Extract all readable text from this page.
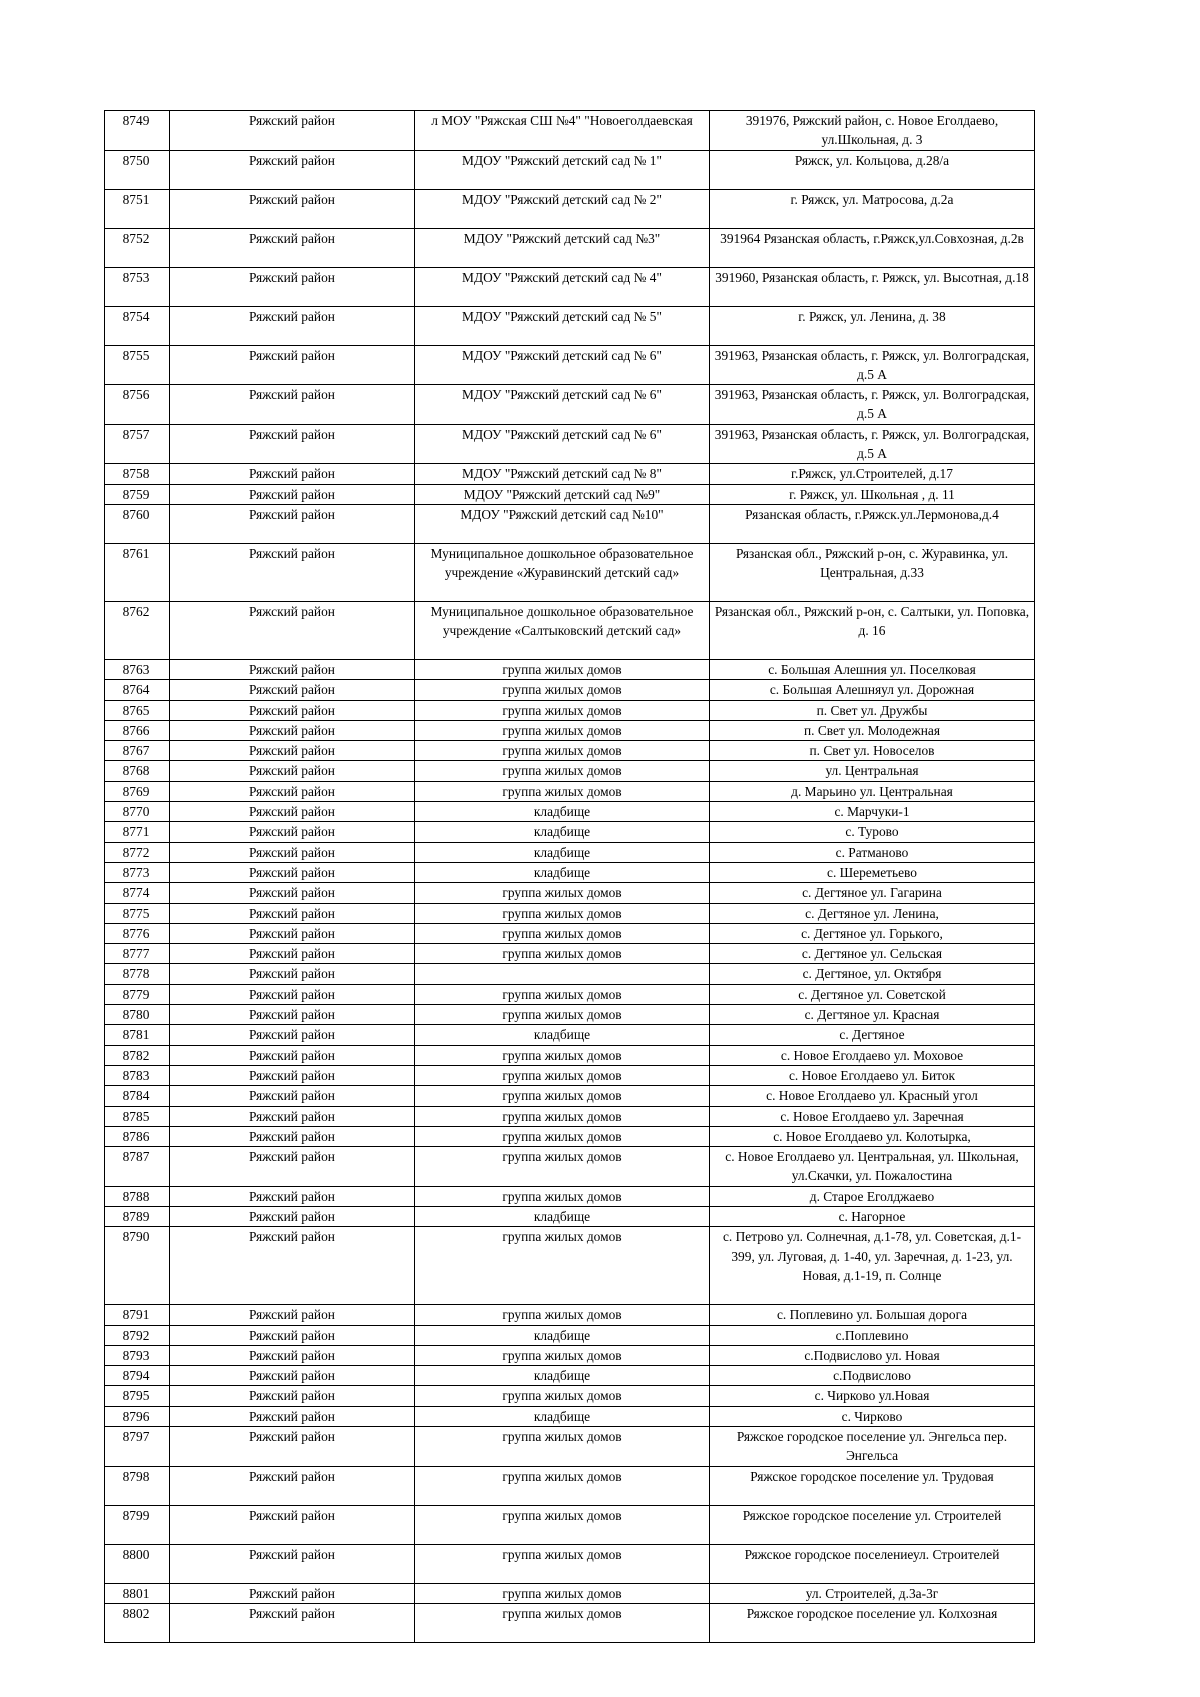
8749	Ряжский район	л МОУ "Ряжская СШ №4" "Новоеголдаевская	391976, Ряжский район, с. Новое Еголдаево, ул.Школьная, д. 3
8750	Ряжский район	МДОУ "Ряжский детский сад № 1"	Ряжск, ул. Кольцова, д.28/а
8751	Ряжский район	МДОУ "Ряжский детский сад № 2"	г. Ряжск, ул. Матросова, д.2а
8752	Ряжский район	МДОУ "Ряжский детский сад №3"	391964 Рязанская область, г.Ряжск,ул.Совхозная, д.2в
8753	Ряжский район	МДОУ "Ряжский детский сад № 4"	391960, Рязанская область, г. Ряжск, ул. Высотная, д.18
8754	Ряжский район	МДОУ "Ряжский детский сад № 5"	г. Ряжск, ул. Ленина, д. 38
8755	Ряжский район	МДОУ "Ряжский детский сад № 6"	391963, Рязанская область, г. Ряжск, ул. Волгоградская, д.5 А
8756	Ряжский район	МДОУ "Ряжский детский сад № 6"	391963, Рязанская область, г. Ряжск, ул. Волгоградская, д.5 А
8757	Ряжский район	МДОУ "Ряжский детский сад № 6"	391963, Рязанская область, г. Ряжск, ул. Волгоградская, д.5 А
8758	Ряжский район	МДОУ "Ряжский детский сад № 8"	г.Ряжск, ул.Строителей, д.17
8759	Ряжский район	МДОУ "Ряжский детский сад №9"	г. Ряжск, ул. Школьная , д. 11
8760	Ряжский район	МДОУ "Ряжский детский сад №10"	Рязанская область, г.Ряжск.ул.Лермонова,д.4
8761	Ряжский район	Муниципальное дошкольное образовательное учреждение «Журавинский детский сад»	Рязанская обл., Ряжский р-он, с. Журавинка, ул. Центральная, д.33
8762	Ряжский район	Муниципальное дошкольное образовательное учреждение «Салтыковский детский сад»	Рязанская обл., Ряжский р-он, с. Салтыки, ул. Поповка, д. 16
8763	Ряжский район	группа жилых домов	с. Большая Алешния ул. Поселковая
8764	Ряжский район	группа жилых домов	с. Большая Алешняул ул. Дорожная
8765	Ряжский район	группа жилых домов	п. Свет ул. Дружбы
8766	Ряжский район	группа жилых домов	п. Свет ул. Молодежная
8767	Ряжский район	группа жилых домов	п. Свет ул. Новоселов
8768	Ряжский район	группа жилых домов	ул. Центральная
8769	Ряжский район	группа жилых домов	д. Марьино ул. Центральная
8770	Ряжский район	кладбище	с. Марчуки-1
8771	Ряжский район	кладбище	с. Турово
8772	Ряжский район	кладбище	с. Ратманово
8773	Ряжский район	кладбище	с. Шереметьево
8774	Ряжский район	группа жилых домов	с. Дегтяное ул. Гагарина
8775	Ряжский район	группа жилых домов	с. Дегтяное ул. Ленина,
8776	Ряжский район	группа жилых домов	с. Дегтяное ул. Горького,
8777	Ряжский район	группа жилых домов	с. Дегтяное ул. Сельская
8778	Ряжский район		с. Дегтяное, ул. Октября
8779	Ряжский район	группа жилых домов	с. Дегтяное ул. Советской
8780	Ряжский район	группа жилых домов	с. Дегтяное ул. Красная
8781	Ряжский район	кладбище	с. Дегтяное
8782	Ряжский район	группа жилых домов	с. Новое Еголдаево ул. Моховое
8783	Ряжский район	группа жилых домов	с. Новое Еголдаево ул. Биток
8784	Ряжский район	группа жилых домов	с. Новое Еголдаево ул. Красный угол
8785	Ряжский район	группа жилых домов	с. Новое Еголдаево ул. Заречная
8786	Ряжский район	группа жилых домов	с. Новое Еголдаево ул. Колотырка,
8787	Ряжский район	группа жилых домов	с. Новое Еголдаево ул. Центральная, ул. Школьная, ул.Скачки, ул. Пожалостина
8788	Ряжский район	группа жилых домов	д. Старое Еголджаево
8789	Ряжский район	кладбище	с. Нагорное
8790	Ряжский район	группа жилых домов	с. Петрово ул. Солнечная, д.1-78, ул. Советская, д.1-399, ул. Луговая, д. 1-40, ул. Заречная, д. 1-23, ул. Новая, д.1-19, п. Солнце
8791	Ряжский район	группа жилых домов	с. Поплевино ул. Большая дорога
8792	Ряжский район	кладбище	с.Поплевино
8793	Ряжский район	группа жилых домов	с.Подвислово ул. Новая
8794	Ряжский район	кладбище	с.Подвислово
8795	Ряжский район	группа жилых домов	с. Чирково ул.Новая
8796	Ряжский район	кладбище	с. Чирково
8797	Ряжский район	группа жилых домов	Ряжское городское поселение ул. Энгельса пер. Энгельса
8798	Ряжский район	группа жилых домов	Ряжское городское поселение ул. Трудовая
8799	Ряжский район	группа жилых домов	Ряжское городское поселение ул. Строителей
8800	Ряжский район	группа жилых домов	Ряжское городское поселениеул. Строителей
8801	Ряжский район	группа жилых домов	ул. Строителей, д.3а-3г
8802	Ряжский район	группа жилых домов	Ряжское городское поселение ул. Колхозная
